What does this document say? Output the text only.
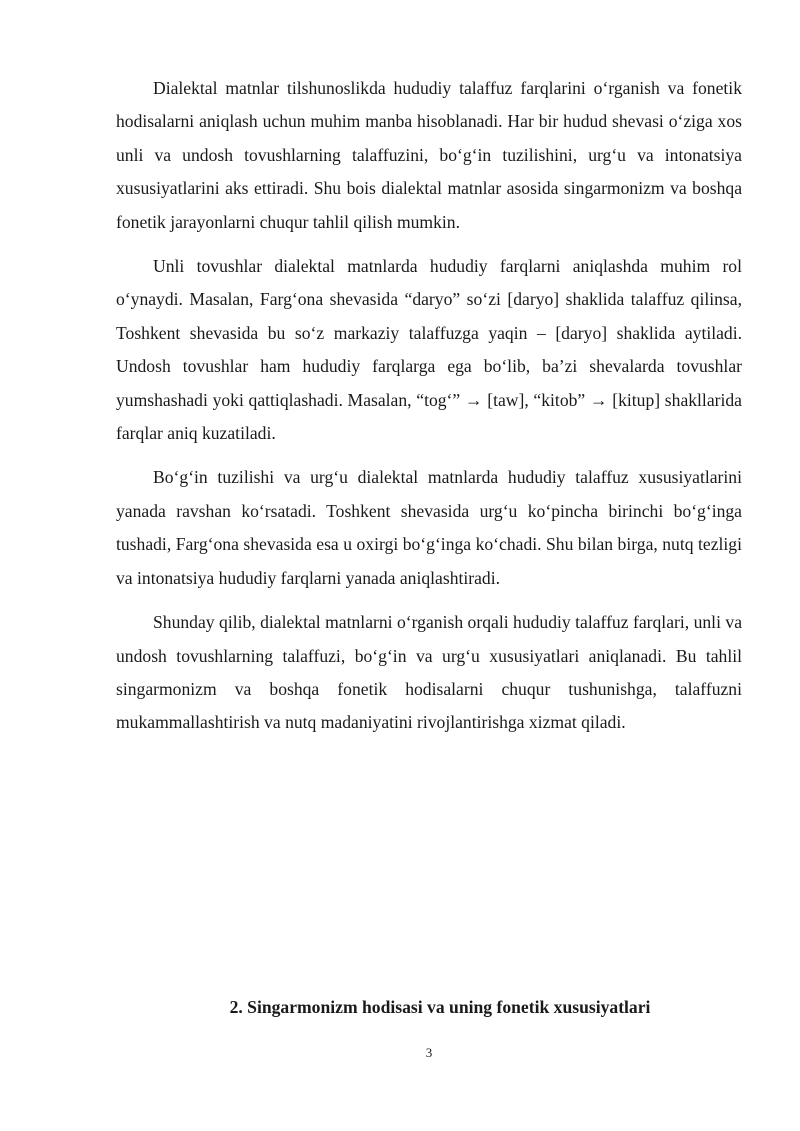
Dialektal matnlar tilshunoslikda hududiy talaffuz farqlarini o‘rganish va fonetik hodisalarni aniqlash uchun muhim manba hisoblanadi. Har bir hudud shevasi o‘ziga xos unli va undosh tovushlarning talaffuzini, bo‘g‘in tuzilishini, urg‘u va intonatsiya xususiyatlarini aks ettiradi. Shu bois dialektal matnlar asosida singarmonizm va boshqa fonetik jarayonlarni chuqur tahlil qilish mumkin.

Unli tovushlar dialektal matnlarda hududiy farqlarni aniqlashda muhim rol o‘ynaydi. Masalan, Farg‘ona shevasida “daryo” so‘zi [daryo] shaklida talaffuz qilinsa, Toshkent shevasida bu so‘z markaziy talaffuzga yaqin – [daryo] shaklida aytiladi. Undosh tovushlar ham hududiy farqlarga ega bo‘lib, ba’zi shevalarda tovushlar yumshashadi yoki qattiqlashadi. Masalan, “tog‘” → [taw], “kitob” → [kitup] shakllarida farqlar aniq kuzatiladi.

Bo‘g‘in tuzilishi va urg‘u dialektal matnlarda hududiy talaffuz xususiyatlarini yanada ravshan ko‘rsatadi. Toshkent shevasida urg‘u ko‘pincha birinchi bo‘g‘inga tushadi, Farg‘ona shevasida esa u oxirgi bo‘g‘inga ko‘chadi. Shu bilan birga, nutq tezligi va intonatsiya hududiy farqlarni yanada aniqlashtiradi.

Shunday qilib, dialektal matnlarni o‘rganish orqali hududiy talaffuz farqlari, unli va undosh tovushlarning talaffuzi, bo‘g‘in va urg‘u xususiyatlari aniqlanadi. Bu tahlil singarmonizm va boshqa fonetik hodisalarni chuqur tushunishga, talaffuzni mukammallashtirish va nutq madaniyatini rivojlantirishga xizmat qiladi.

2. Singarmonizm hodisasi va uning fonetik xususiyatlari
3
